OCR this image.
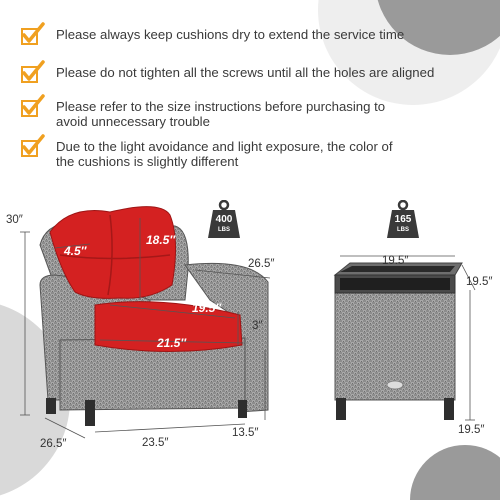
Please always keep cushions dry to extend the service time
Please do not tighten all the screws until all the holes are aligned
Please refer to the size instructions before purchasing to
avoid unnecessary trouble
Due to the light avoidance and light exposure, the color of
the cushions is slightly different
400
LBS
165
LBS
30″
4.5″
18.5″
26.5″
19.5″
3″
21.5″
26.5″	23.5″
13.5″
19.5″
19.5″
19.5″
